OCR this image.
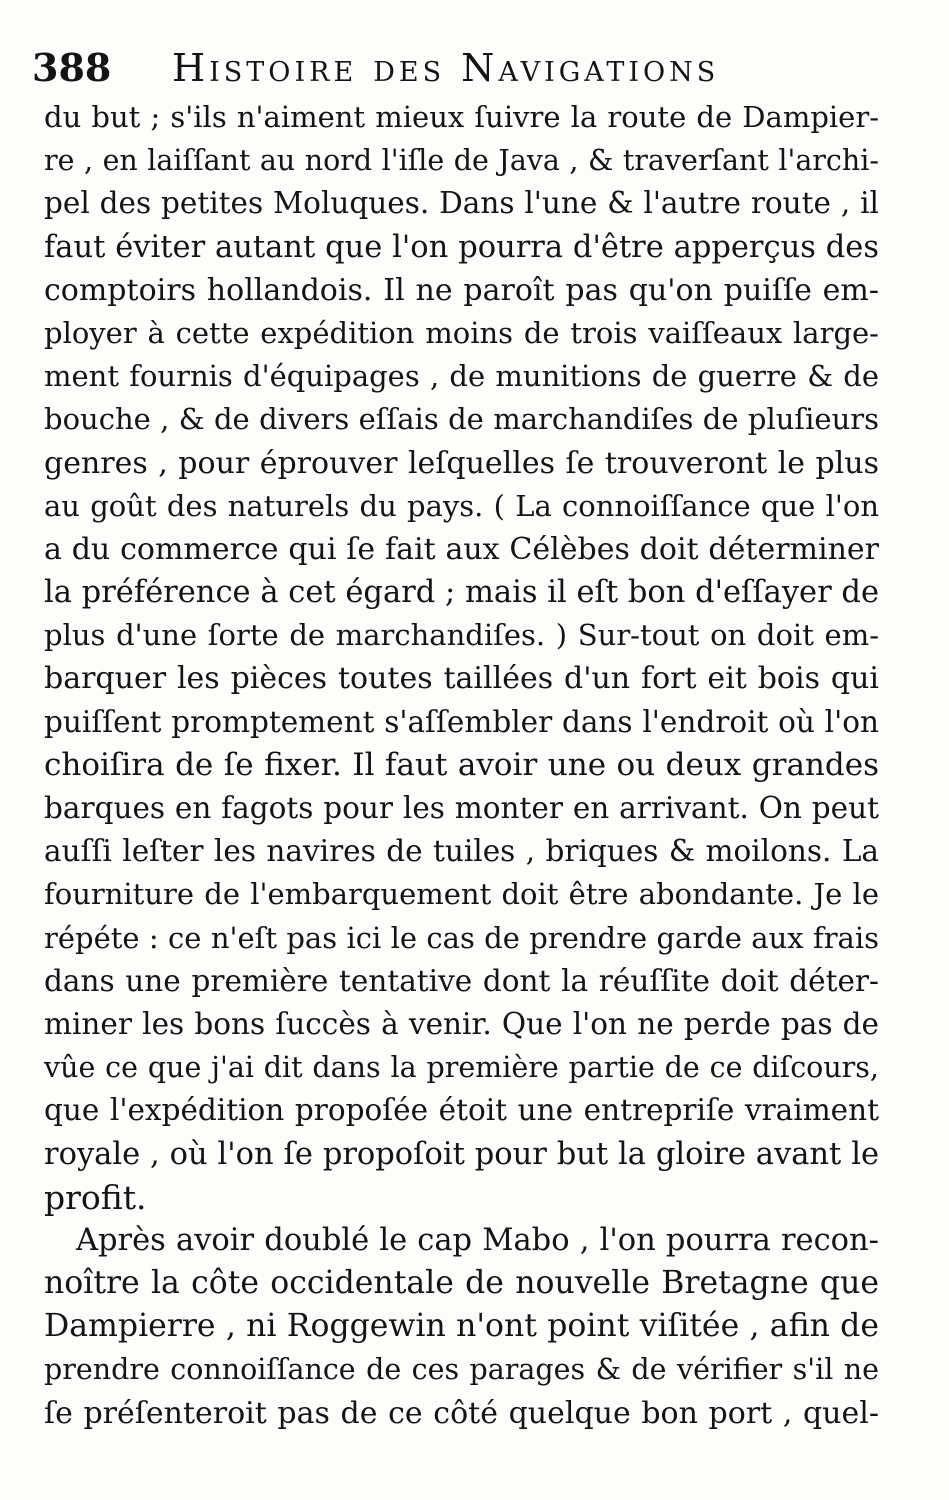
388 Histoire des Navigations
du but ; s'ils n'aiment mieux ſuivre la route de Dampier-
re , en laiſſant au nord l'iſle de Java , & traverſant l'archi-
pel des petites Moluques. Dans l'une & l'autre route , il
faut éviter autant que l'on pourra d'être apperçus des
comptoirs hollandois. Il ne paroît pas qu'on puiſſe em-
ployer à cette expédition moins de trois vaiſſeaux large-
ment fournis d'équipages , de munitions de guerre & de
bouche , & de divers eſſais de marchandiſes de pluſieurs
genres , pour éprouver leſquelles ſe trouveront le plus
au goût des naturels du pays. ( La connoiſſance que l'on
a du commerce qui ſe fait aux Célèbes doit déterminer
la préférence à cet égard ; mais il eſt bon d'eſſayer de
plus d'une ſorte de marchandiſes. ) Sur-tout on doit em-
barquer les pièces toutes taillées d'un fort eit bois qui
puiſſent promptement s'aſſembler dans l'endroit où l'on
choiſira de ſe fixer. Il faut avoir une ou deux grandes
barques en fagots pour les monter en arrivant. On peut
auſſi leſter les navires de tuiles , briques & moilons. La
fourniture de l'embarquement doit être abondante. Je le
répéte : ce n'eſt pas ici le cas de prendre garde aux frais
dans une première tentative dont la réuſſite doit déter-
miner les bons ſuccès à venir. Que l'on ne perde pas de
vûe ce que j'ai dit dans la première partie de ce diſcours,
que l'expédition propoſée étoit une entrepriſe vraiment
royale , où l'on ſe propoſoit pour but la gloire avant le
profit.
Après avoir doublé le cap Mabo , l'on pourra recon-
noître la côte occidentale de nouvelle Bretagne que
Dampierre , ni Roggewin n'ont point viſitée , afin de
prendre connoiſſance de ces parages & de vérifier s'il ne
ſe préſenteroit pas de ce côté quelque bon port , quel-
